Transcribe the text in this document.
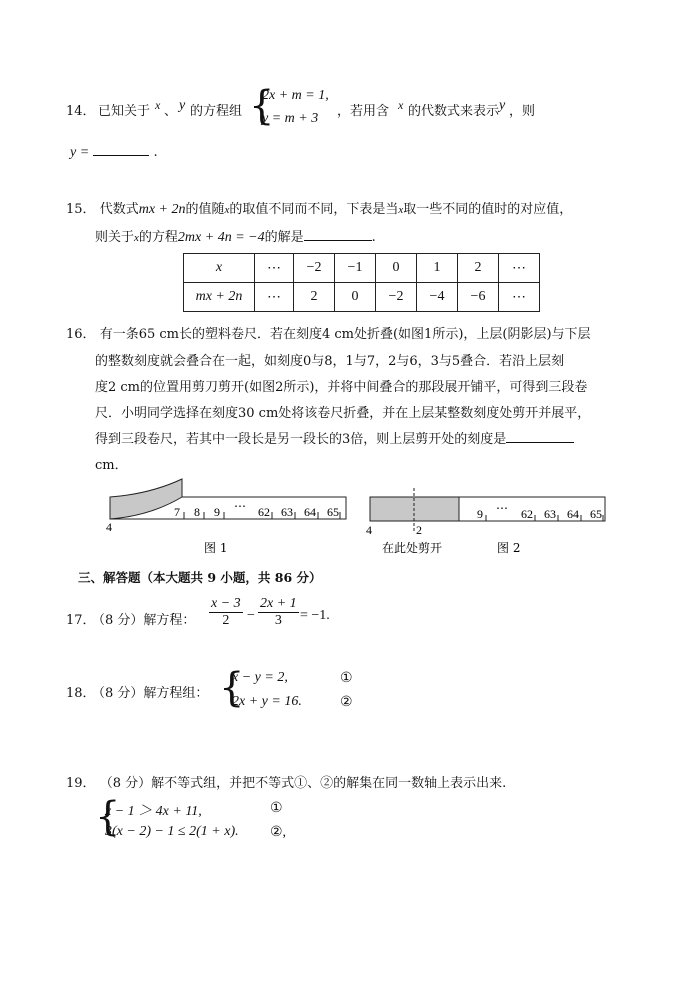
14． 已知关于 x 、 y 的方程组 {
2x + m = 1,
y = m + 3 ，若用含 x 的代数式来表示 y ，则
y =	.
15． 代数式mx + 2n的值随x的取值不同而不同，下表是当x取一些不同的值时的对应值，
则关于x的方程2mx + 4n = −4的解是	.
x	⋯	−2	−1	0	1	2	⋯
mx + 2n	⋯	2	0	−2	−4	−6	⋯
16． 有一条65 cm长的塑料卷尺．若在刻度4 cm处折叠(如图1所示)，上层(阴影层)与下层
的整数刻度就会叠合在一起，如刻度0与8，1与7，2与6，3与5叠合．若沿上层刻
度2 cm的位置用剪刀剪开(如图2所示)，并将中间叠合的那段展开铺平，可得到三段卷
尺．小明同学选择在刻度30 cm处将该卷尺折叠，并在上层某整数刻度处剪开并展平，
得到三段卷尺，若其中一段长是另一段长的3倍，则上层剪开处的刻度是
cm．
7 8 9 ⋯ 62 63 64 65
4
图 1
9 ⋯ 62 63 64 65
4	2
在此处剪开	图 2
三、解答题（本大题共 9 小题，共 86 分）
17．
（8 分）解方程： $\frac{x - 3}{2} - \frac{2x + 1}{3} = -1$.
18．
（8 分）解方程组： {
x − y = 2,
2x + y = 16.
①
②
19． （8 分）解不等式组，并把不等式①、②的解集在同一数轴上表示出来.
{
x − 1 ＞ 4x + 11,
3(x − 2) − 1 ≤ 2(1 + x).
①
②,
